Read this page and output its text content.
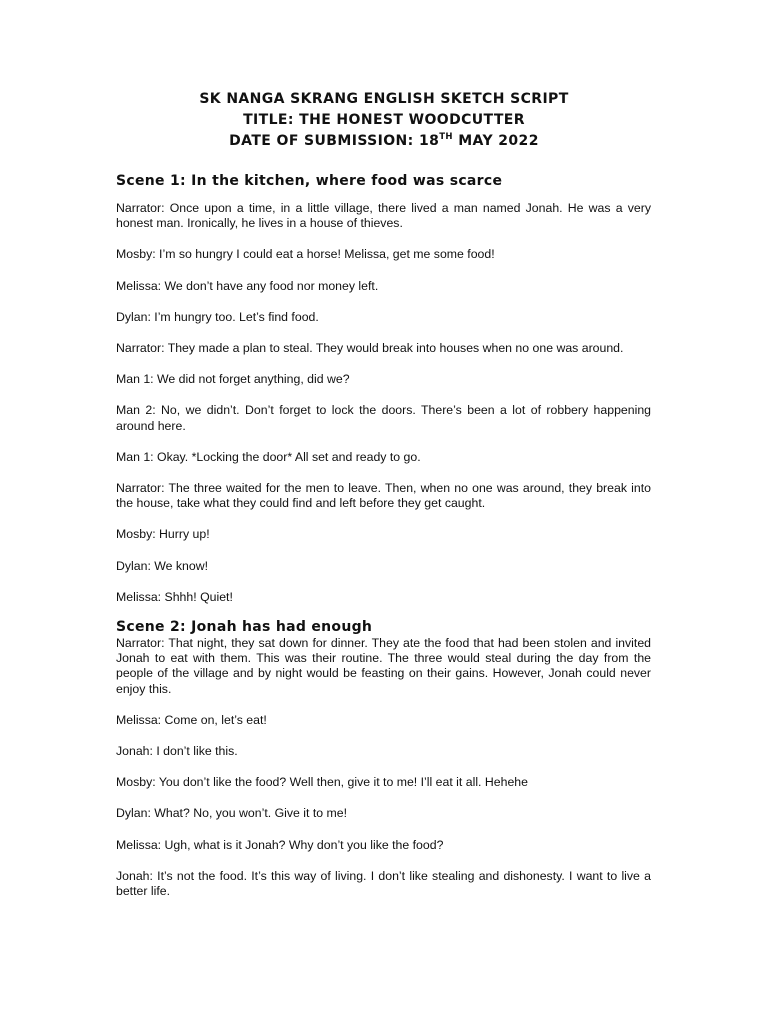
SK NANGA SKRANG ENGLISH SKETCH SCRIPT
TITLE: THE HONEST WOODCUTTER
DATE OF SUBMISSION: 18TH MAY 2022
Scene 1: In the kitchen, where food was scarce

Narrator: Once upon a time, in a little village, there lived a man named Jonah. He was a very honest man. Ironically, he lives in a house of thieves.

Mosby: I’m so hungry I could eat a horse! Melissa, get me some food!

Melissa: We don’t have any food nor money left.

Dylan: I’m hungry too. Let’s find food.

Narrator: They made a plan to steal. They would break into houses when no one was around.

Man 1: We did not forget anything, did we?

Man 2: No, we didn’t. Don’t forget to lock the doors. There’s been a lot of robbery happening around here.

Man 1: Okay. *Locking the door* All set and ready to go.

Narrator: The three waited for the men to leave. Then, when no one was around, they break into the house, take what they could find and left before they get caught.

Mosby: Hurry up!

Dylan: We know!

Melissa: Shhh! Quiet!

Scene 2: Jonah has had enough

Narrator: That night, they sat down for dinner. They ate the food that had been stolen and invited Jonah to eat with them. This was their routine. The three would steal during the day from the people of the village and by night would be feasting on their gains. However, Jonah could never enjoy this.

Melissa: Come on, let’s eat!

Jonah: I don’t like this.

Mosby: You don’t like the food? Well then, give it to me! I’ll eat it all. Hehehe

Dylan: What? No, you won’t. Give it to me!

Melissa: Ugh, what is it Jonah? Why don’t you like the food?

Jonah: It’s not the food. It’s this way of living. I don’t like stealing and dishonesty. I want to live a better life.
